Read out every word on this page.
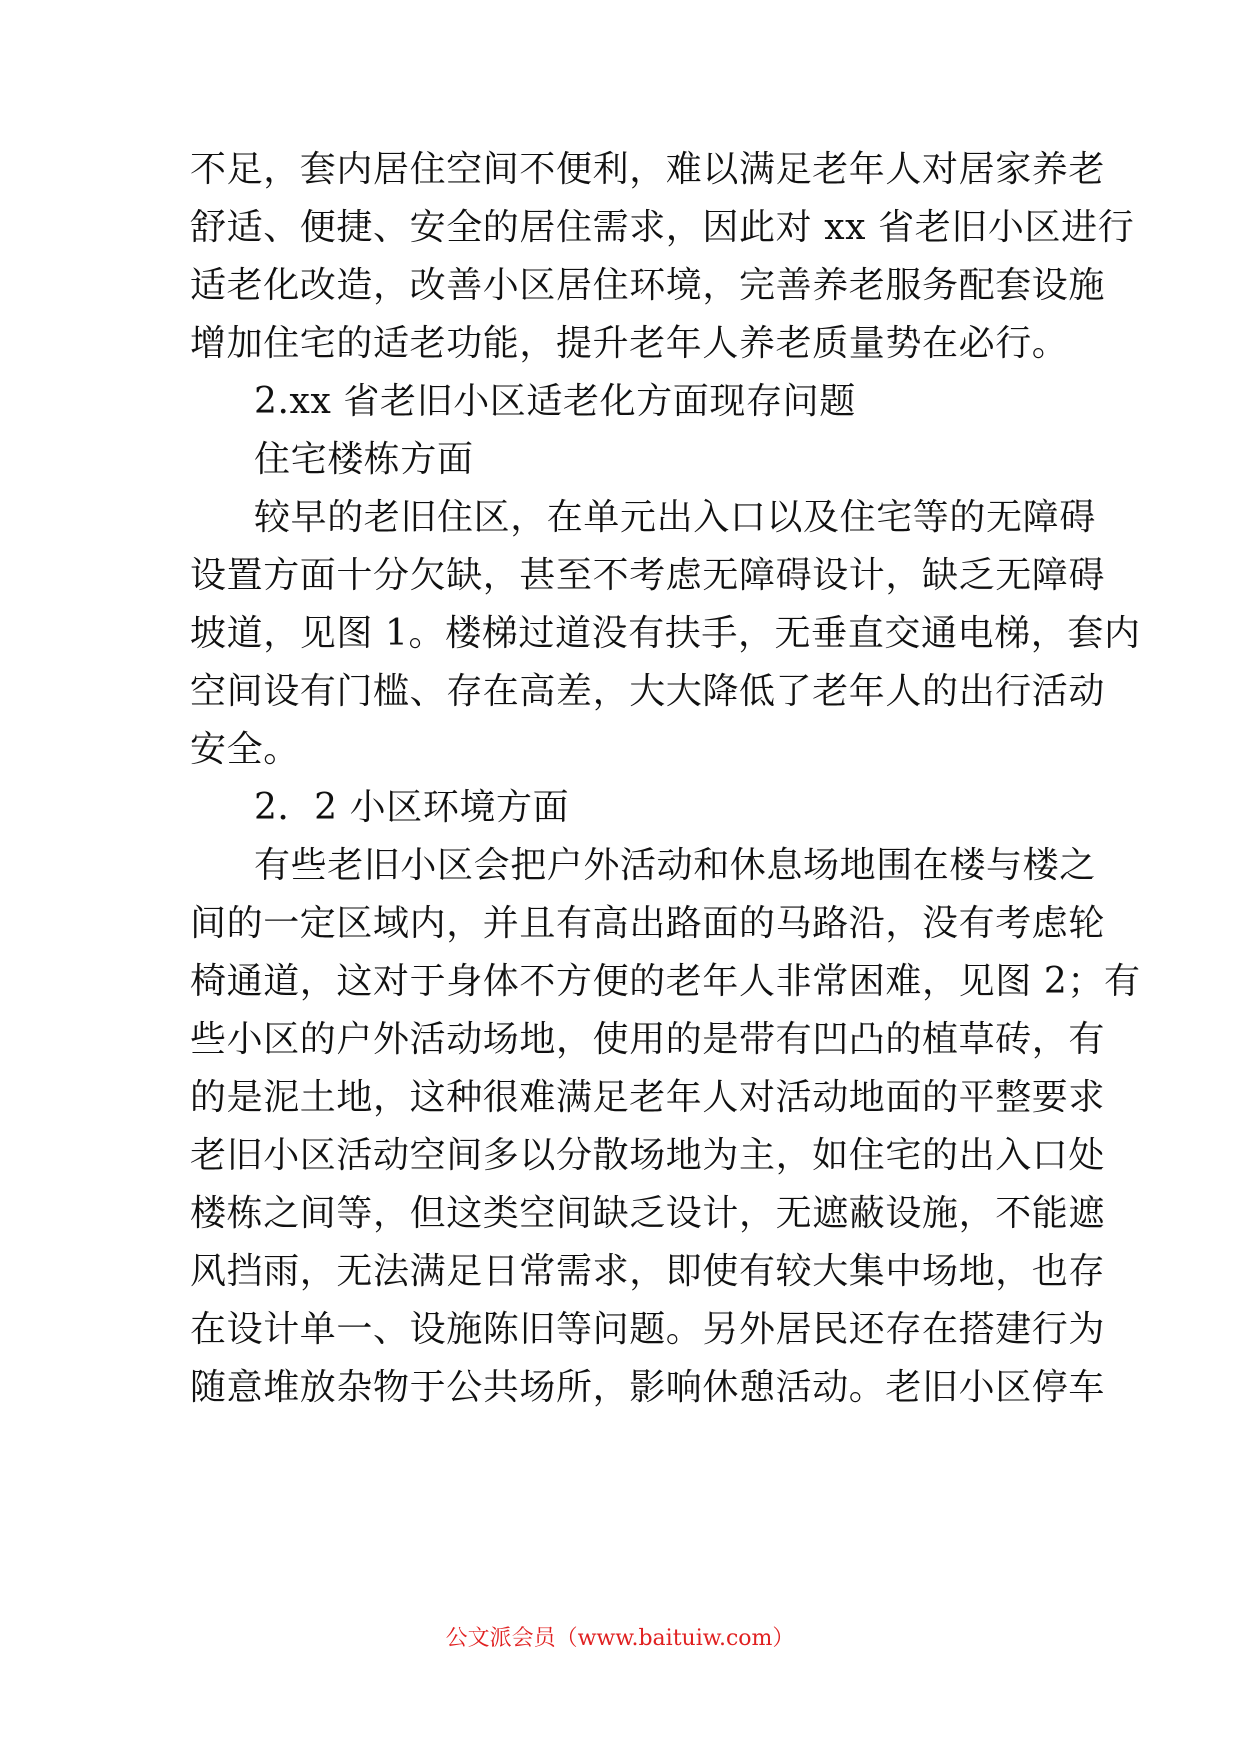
不足，套内居住空间不便利，难以满足老年人对居家养老
舒适、便捷、安全的居住需求，因此对 xx 省老旧小区进行
适老化改造，改善小区居住环境，完善养老服务配套设施
增加住宅的适老功能，提升老年人养老质量势在必行。
2.xx 省老旧小区适老化方面现存问题
住宅楼栋方面
较早的老旧住区，在单元出入口以及住宅等的无障碍
设置方面十分欠缺，甚至不考虑无障碍设计，缺乏无障碍
坡道，见图 1。楼梯过道没有扶手，无垂直交通电梯，套内
空间设有门槛、存在高差，大大降低了老年人的出行活动
安全。
2．2 小区环境方面
有些老旧小区会把户外活动和休息场地围在楼与楼之
间的一定区域内，并且有高出路面的马路沿，没有考虑轮
椅通道，这对于身体不方便的老年人非常困难，见图 2；有
些小区的户外活动场地，使用的是带有凹凸的植草砖，有
的是泥土地，这种很难满足老年人对活动地面的平整要求
老旧小区活动空间多以分散场地为主，如住宅的出入口处
楼栋之间等，但这类空间缺乏设计，无遮蔽设施，不能遮
风挡雨，无法满足日常需求，即使有较大集中场地，也存
在设计单一、设施陈旧等问题。另外居民还存在搭建行为
随意堆放杂物于公共场所，影响休憩活动。老旧小区停车
公文派会员（www.baituiw.com）
